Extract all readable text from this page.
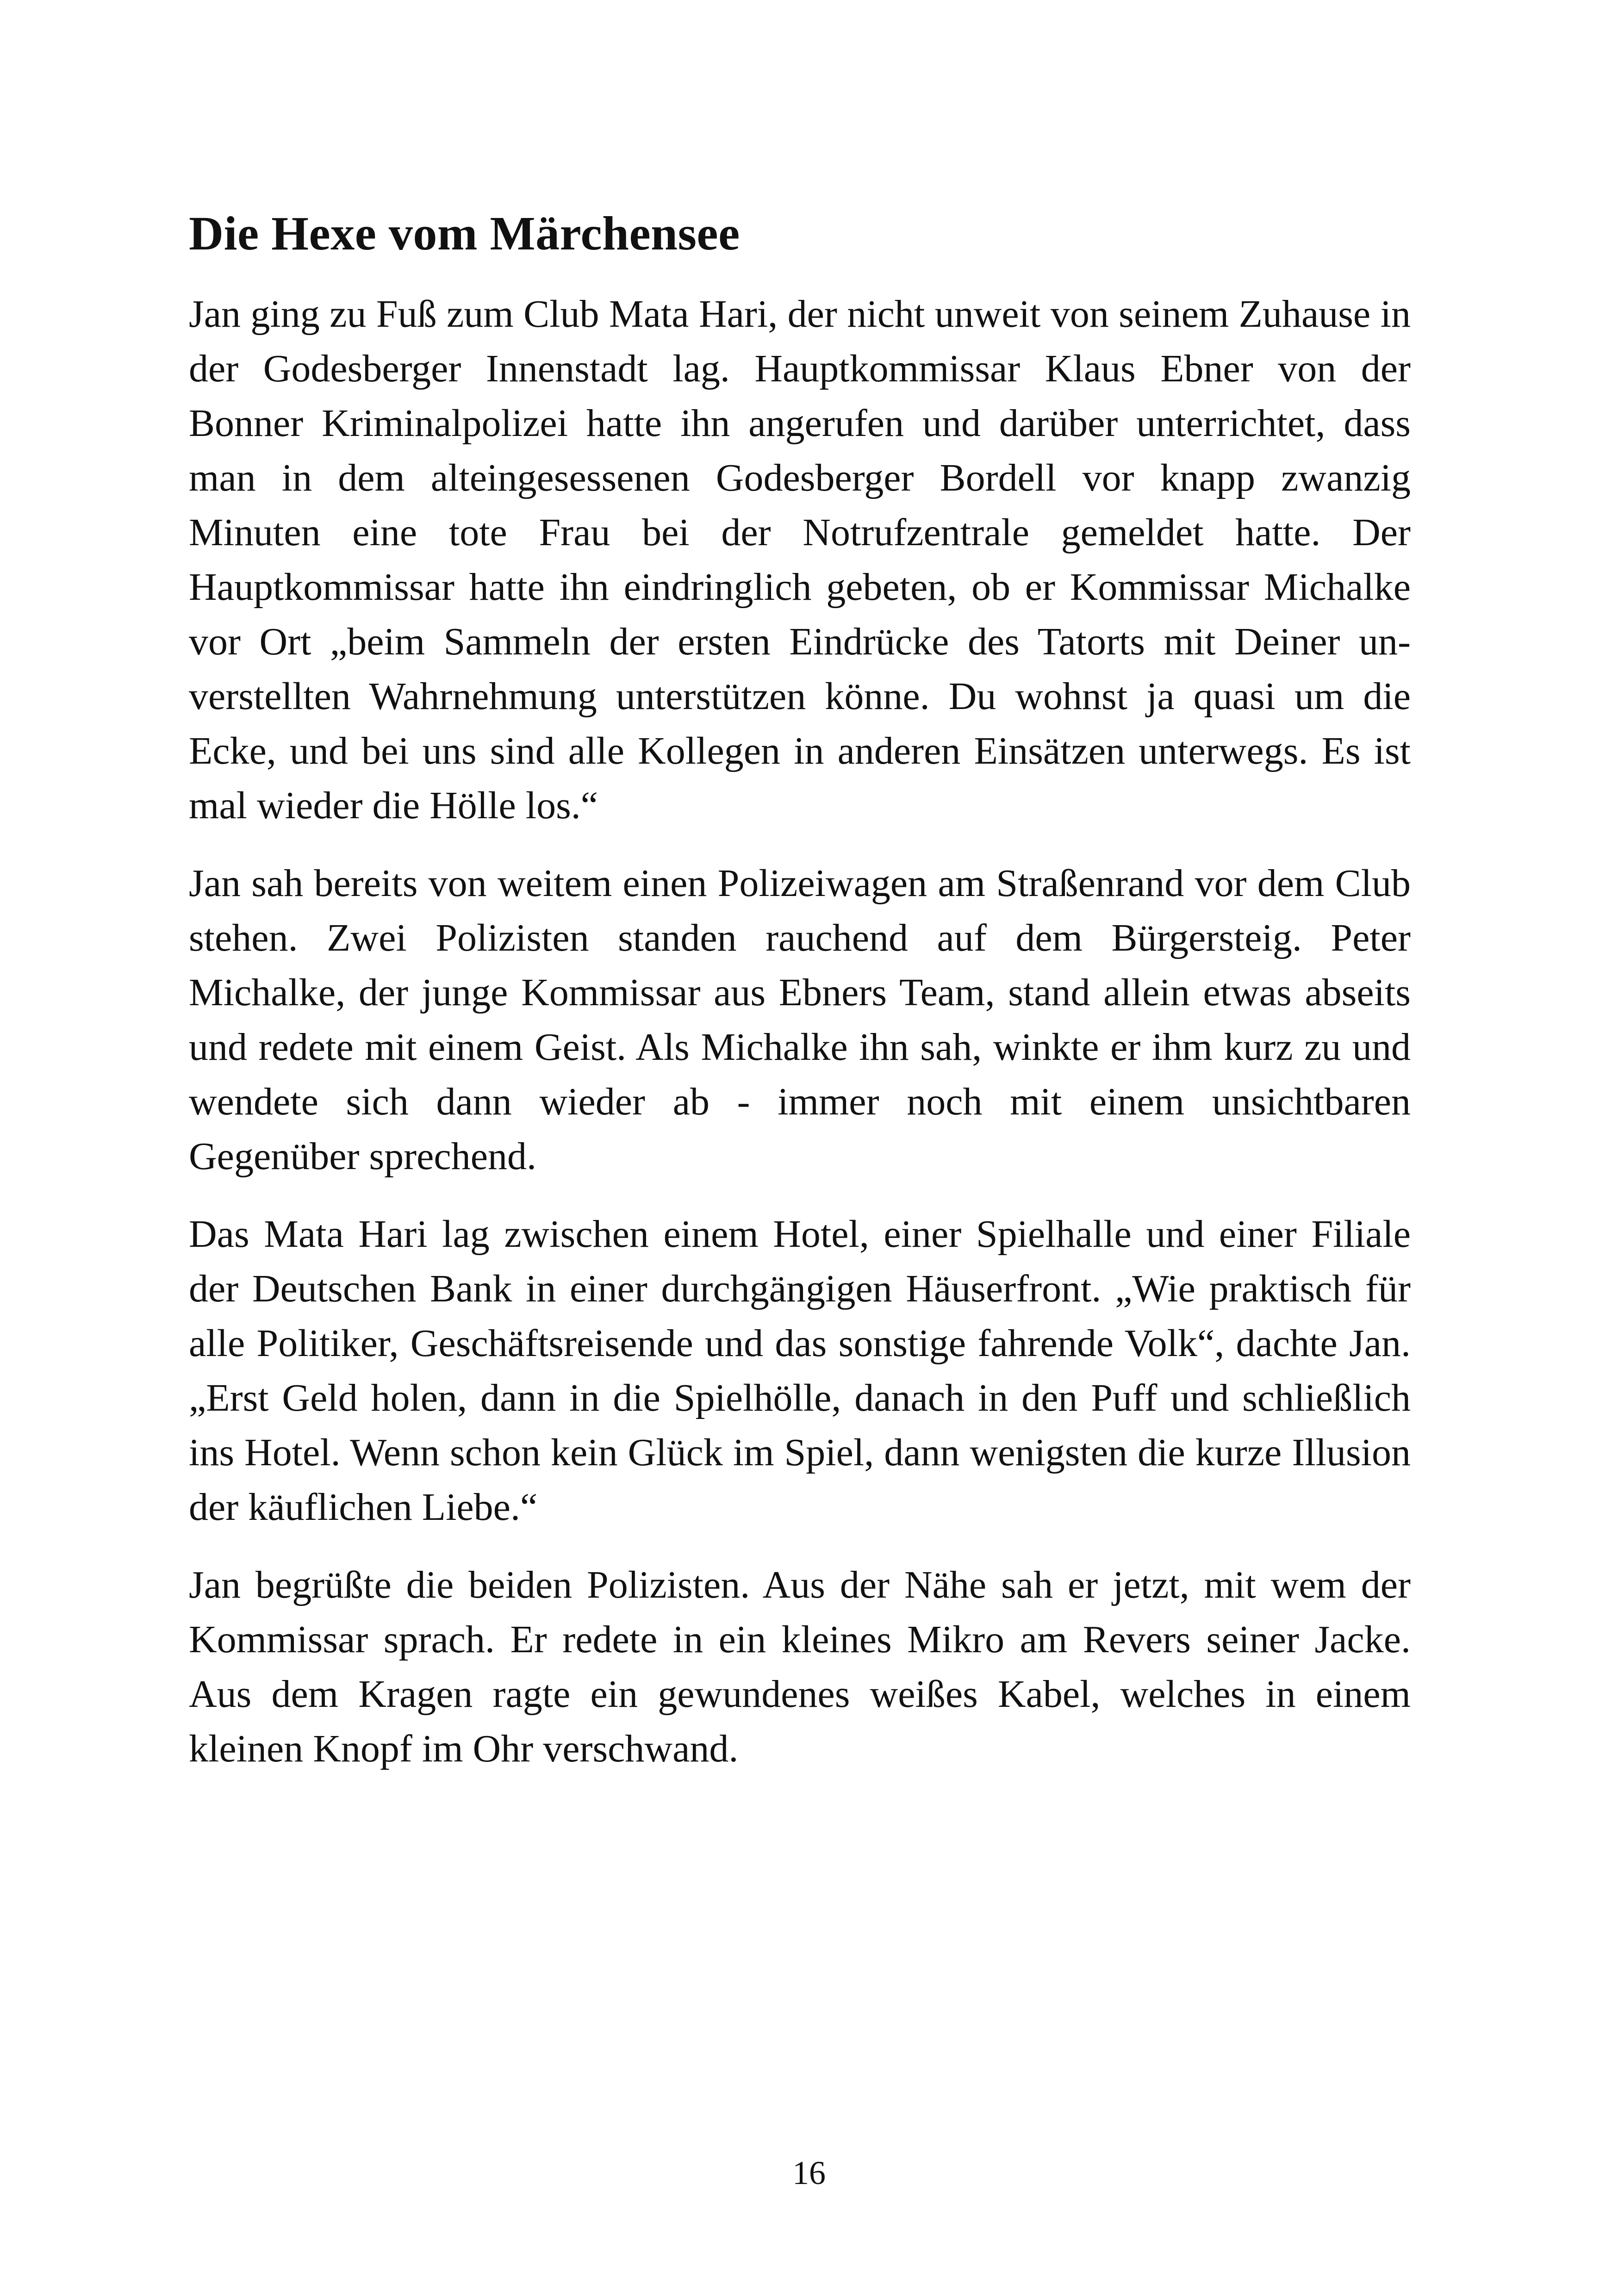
Die Hexe vom Märchensee

Jan ging zu Fuß zum Club Mata Hari, der nicht unweit von seinem Zuhause in der Godesberger Innenstadt lag. Hauptkommissar Klaus Ebner von der Bonner Kriminalpolizei hatte ihn angerufen und darüber unterrichtet, dass man in dem alteingesessenen Godesberger Bordell vor knapp zwanzig Minuten eine tote Frau bei der Notrufzentrale gemeldet hatte. Der Hauptkommissar hatte ihn eindringlich gebeten, ob er Kommissar Michalke vor Ort „beim Sammeln der ersten Eindrücke des Tatorts mit Deiner unverstellten Wahrnehmung unterstützen könne. Du wohnst ja quasi um die Ecke, und bei uns sind alle Kollegen in anderen Einsätzen unterwegs. Es ist mal wieder die Hölle los.“

Jan sah bereits von weitem einen Polizeiwagen am Straßenrand vor dem Club stehen. Zwei Polizisten standen rauchend auf dem Bürgersteig. Peter Michalke, der junge Kommissar aus Ebners Team, stand allein etwas abseits und redete mit einem Geist. Als Michalke ihn sah, winkte er ihm kurz zu und wendete sich dann wieder ab - immer noch mit einem unsichtbaren Gegenüber sprechend.

Das Mata Hari lag zwischen einem Hotel, einer Spielhalle und einer Filiale der Deutschen Bank in einer durchgängigen Häuserfront. „Wie praktisch für alle Politiker, Geschäftsreisende und das sonstige fahrende Volk“, dachte Jan. „Erst Geld holen, dann in die Spielhölle, danach in den Puff und schließlich ins Hotel. Wenn schon kein Glück im Spiel, dann wenigsten die kurze Illusion der käuflichen Liebe.“

Jan begrüßte die beiden Polizisten. Aus der Nähe sah er jetzt, mit wem der Kommissar sprach. Er redete in ein kleines Mikro am Revers seiner Jacke. Aus dem Kragen ragte ein gewundenes weißes Kabel, welches in einem kleinen Knopf im Ohr verschwand.

16
